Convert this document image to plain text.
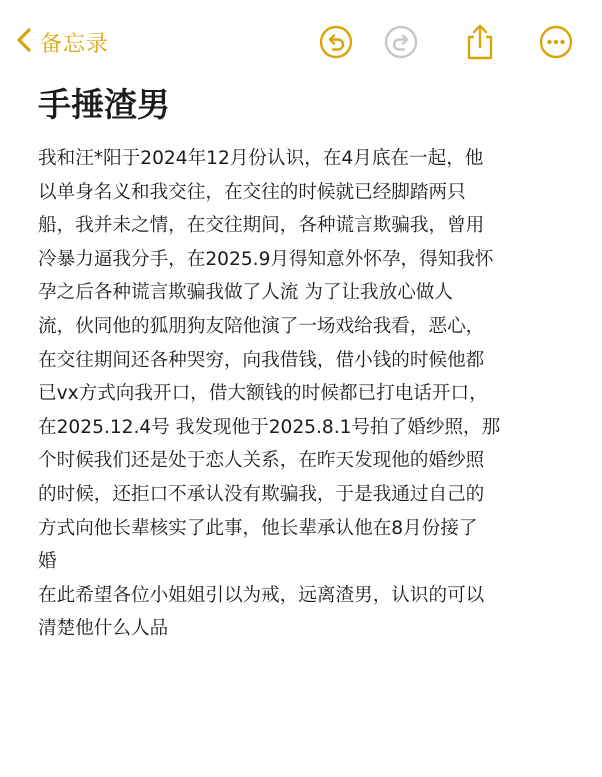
备忘录
手捶渣男
我和汪*阳于2024年12月份认识，在4月底在一起，他
以单身名义和我交往，在交往的时候就已经脚踏两只
船，我并未之情，在交往期间，各种谎言欺骗我，曾用
冷暴力逼我分手，在2025.9月得知意外怀孕，得知我怀
孕之后各种谎言欺骗我做了人流 为了让我放心做人
流，伙同他的狐朋狗友陪他演了一场戏给我看，恶心，
在交往期间还各种哭穷，向我借钱，借小钱的时候他都
已vx方式向我开口，借大额钱的时候都已打电话开口，
在2025.12.4号 我发现他于2025.8.1号拍了婚纱照，那
个时候我们还是处于恋人关系，在昨天发现他的婚纱照
的时候，还拒口不承认没有欺骗我，于是我通过自己的
方式向他长辈核实了此事，他长辈承认他在8月份接了
婚
在此希望各位小姐姐引以为戒，远离渣男，认识的可以
清楚他什么人品
